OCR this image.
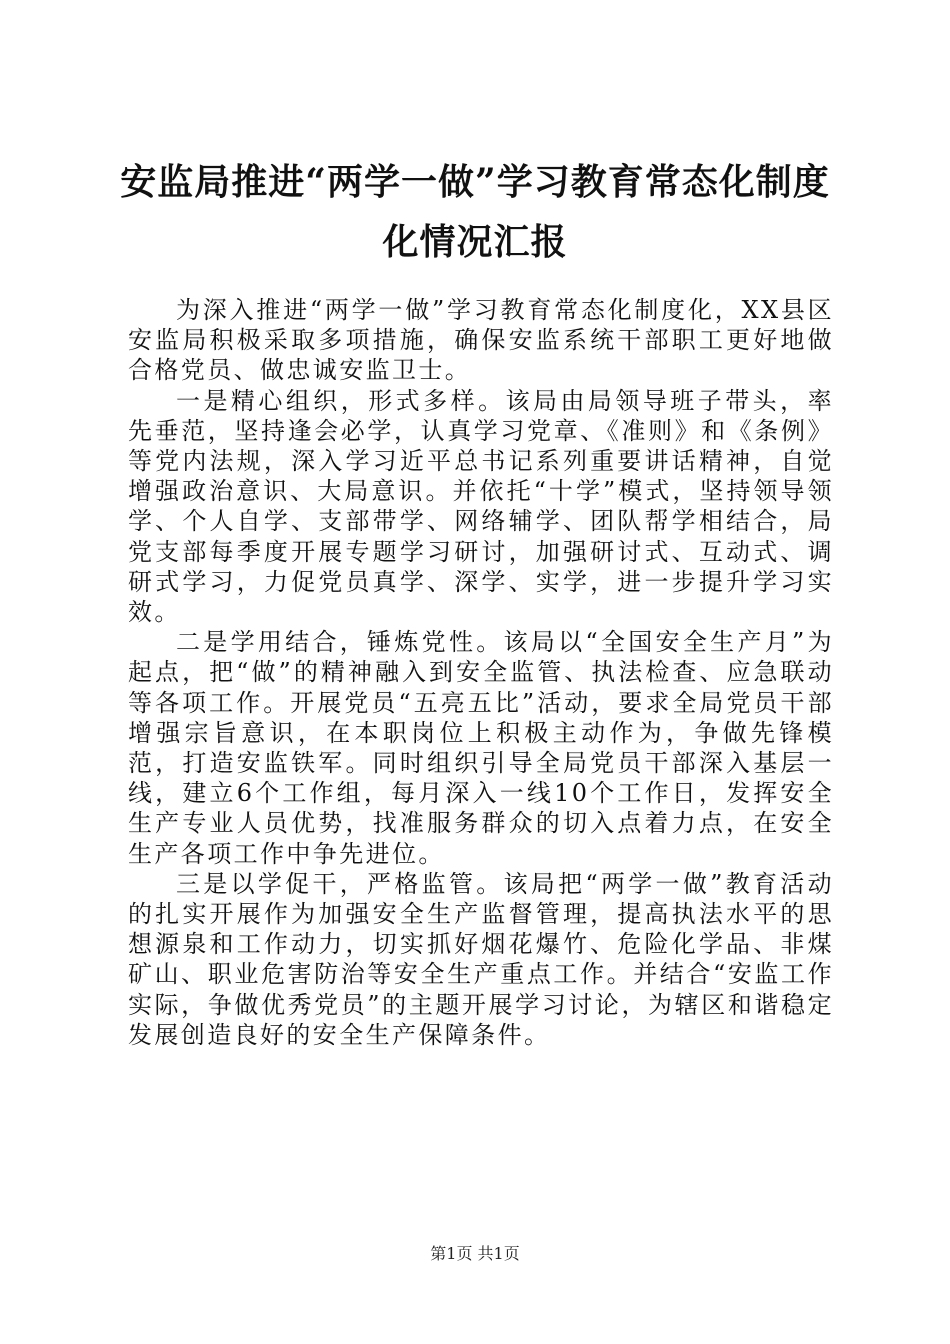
安监局推进“两学一做”学习教育常态化制度化情况汇报

为深入推进“两学一做”学习教育常态化制度化，XX县区安监局积极采取多项措施，确保安监系统干部职工更好地做合格党员、做忠诚安监卫士。

一是精心组织，形式多样。该局由局领导班子带头，率先垂范，坚持逢会必学，认真学习党章、《准则》和《条例》等党内法规，深入学习近平总书记系列重要讲话精神，自觉增强政治意识、大局意识。并依托“十学”模式，坚持领导领学、个人自学、支部带学、网络辅学、团队帮学相结合，局党支部每季度开展专题学习研讨，加强研讨式、互动式、调研式学习，力促党员真学、深学、实学，进一步提升学习实效。

二是学用结合，锤炼党性。该局以“全国安全生产月”为起点，把“做”的精神融入到安全监管、执法检查、应急联动等各项工作。开展党员“五亮五比”活动，要求全局党员干部增强宗旨意识，在本职岗位上积极主动作为，争做先锋模范，打造安监铁军。同时组织引导全局党员干部深入基层一线，建立6个工作组，每月深入一线10个工作日，发挥安全生产专业人员优势，找准服务群众的切入点着力点，在安全生产各项工作中争先进位。

三是以学促干，严格监管。该局把“两学一做”教育活动的扎实开展作为加强安全生产监督管理，提高执法水平的思想源泉和工作动力，切实抓好烟花爆竹、危险化学品、非煤矿山、职业危害防治等安全生产重点工作。并结合“安监工作实际，争做优秀党员”的主题开展学习讨论，为辖区和谐稳定发展创造良好的安全生产保障条件。

第1页 共1页
